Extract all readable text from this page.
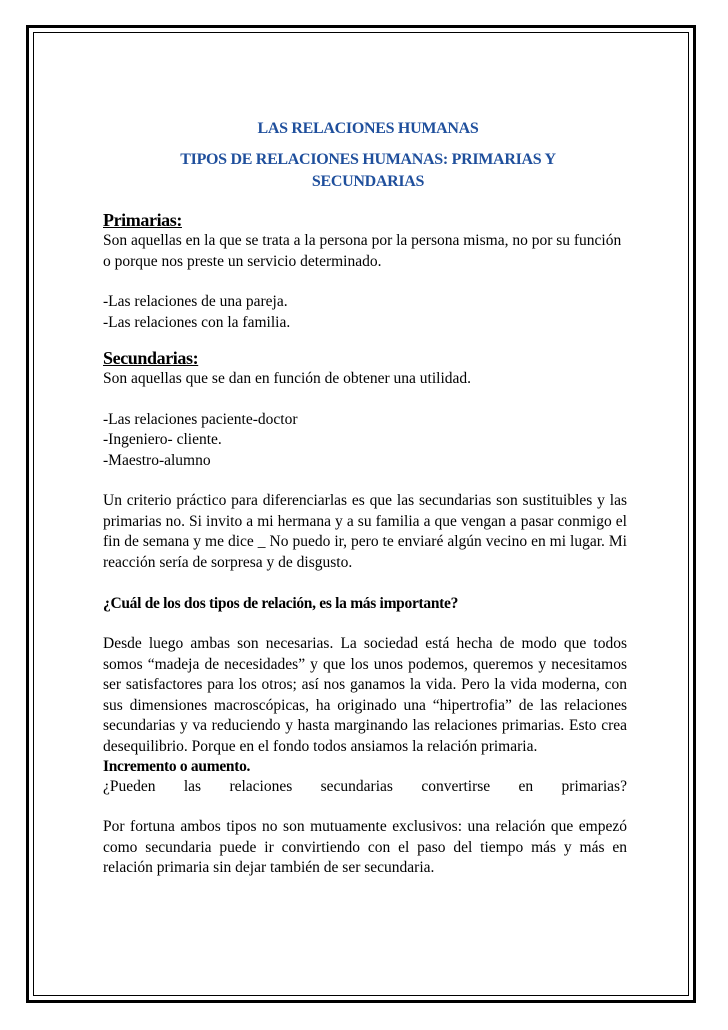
LAS RELACIONES HUMANAS
TIPOS DE RELACIONES HUMANAS: PRIMARIAS Y
SECUNDARIAS
Primarias:

Son aquellas en la que se trata a la persona por la persona misma, no por su función o porque nos preste un servicio determinado.

-Las relaciones de una pareja.

-Las relaciones con la familia.

Secundarias:

Son aquellas que se dan en función de obtener una utilidad.

-Las relaciones paciente-doctor

-Ingeniero- cliente.

-Maestro-alumno

Un criterio práctico para diferenciarlas es que las secundarias son sustituibles y las primarias no. Si invito a mi hermana y a su familia a que vengan a pasar conmigo el fin de semana y me dice _ No puedo ir, pero te enviaré algún vecino en mi lugar. Mi reacción sería de sorpresa y de disgusto.

¿Cuál de los dos tipos de relación, es la más importante?

Desde luego ambas son necesarias. La sociedad está hecha de modo que todos somos “madeja de necesidades” y que los unos podemos, queremos y necesitamos ser satisfactores para los otros; así nos ganamos la vida. Pero la vida moderna, con sus dimensiones macroscópicas, ha originado una “hipertrofia” de las relaciones secundarias y va reduciendo y hasta marginando las relaciones primarias. Esto crea desequilibrio. Porque en el fondo todos ansiamos la relación primaria.

Incremento o aumento.

¿Pueden las relaciones secundarias convertirse en primarias?

Por fortuna ambos tipos no son mutuamente exclusivos: una relación que empezó como secundaria puede ir convirtiendo con el paso del tiempo más y más en relación primaria sin dejar también de ser secundaria.
